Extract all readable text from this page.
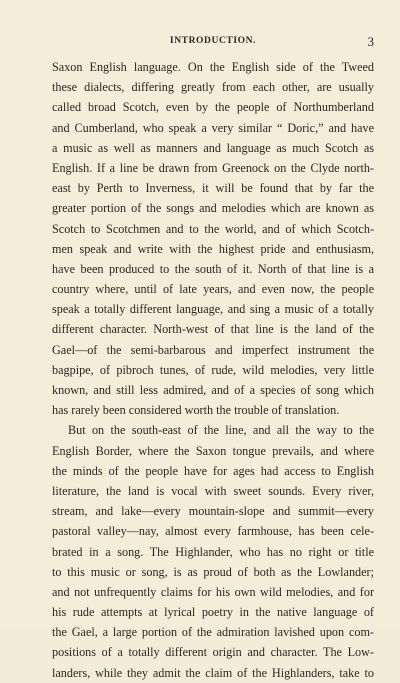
INTRODUCTION.	3
Saxon English language. On the English side of the Tweed
these dialects, differing greatly from each other, are usually
called broad Scotch, even by the people of Northumberland
and Cumberland, who speak a very similar “ Doric,” and have
a music as well as manners and language as much Scotch as
English. If a line be drawn from Greenock on the Clyde north-
east by Perth to Inverness, it will be found that by far the
greater portion of the songs and melodies which are known as
Scotch to Scotchmen and to the world, and of which Scotch-
men speak and write with the highest pride and enthusiasm,
have been produced to the south of it. North of that line is a
country where, until of late years, and even now, the people
speak a totally different language, and sing a music of a totally
different character. North-west of that line is the land of the
Gael—of the semi-barbarous and imperfect instrument the
bagpipe, of pibroch tunes, of rude, wild melodies, very little
known, and still less admired, and of a species of song which
has rarely been considered worth the trouble of translation.
But on the south-east of the line, and all the way to the
English Border, where the Saxon tongue prevails, and where
the minds of the people have for ages had access to English
literature, the land is vocal with sweet sounds. Every river,
stream, and lake—every mountain-slope and summit—every
pastoral valley—nay, almost every farmhouse, has been cele-
brated in a song. The Highlander, who has no right or title
to this music or song, is as proud of both as the Lowlander;
and not unfrequently claims for his own wild melodies, and for
his rude attempts at lyrical poetry in the native language of
the Gael, a large portion of the admiration lavished upon com-
positions of a totally different origin and character. The Low-
landers, while they admit the claim of the Highlanders, take to
